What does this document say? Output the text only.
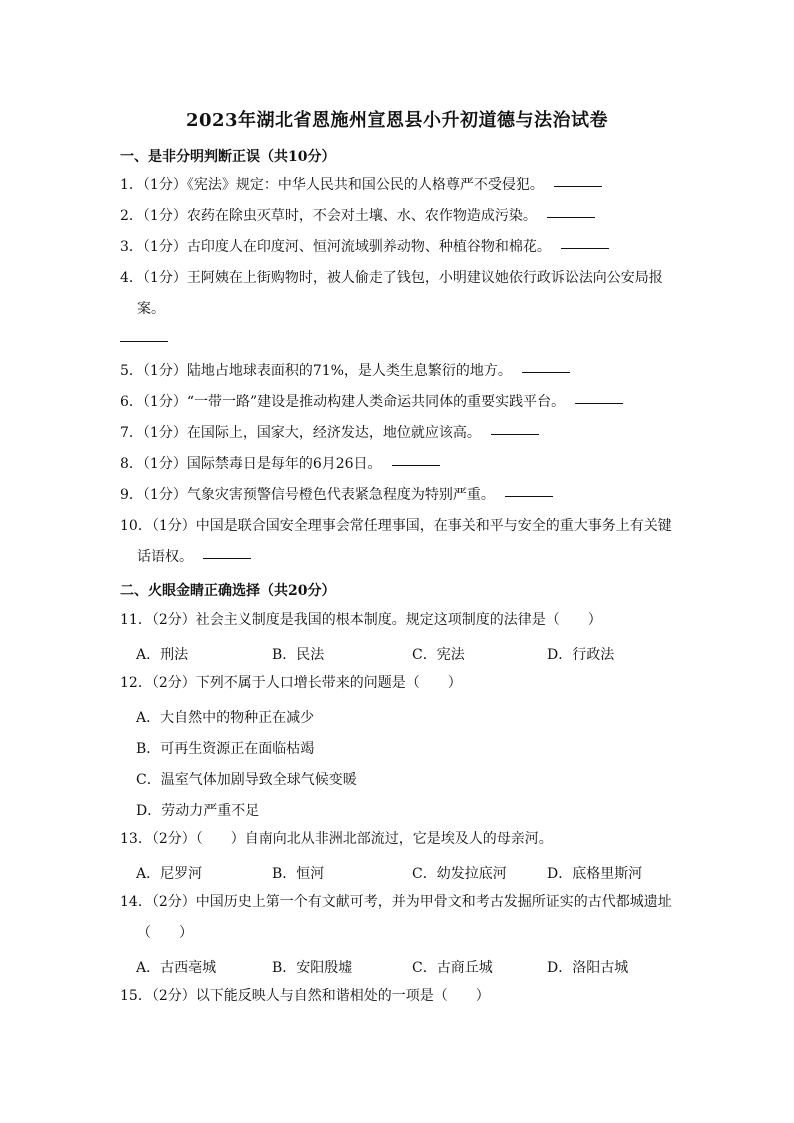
2023年湖北省恩施州宣恩县小升初道德与法治试卷
一、是非分明判断正误（共10分）
1．（1分）《宪法》规定：中华人民共和国公民的人格尊严不受侵犯。
2．（1分）农药在除虫灭草时，不会对土壤、水、农作物造成污染。
3．（1分）古印度人在印度河、恒河流域驯养动物、种植谷物和棉花。
4．（1分）王阿姨在上街购物时，被人偷走了钱包，小明建议她依行政诉讼法向公安局报
案。
5．（1分）陆地占地球表面积的71%，是人类生息繁衍的地方。
6．（1分）“一带一路”建设是推动构建人类命运共同体的重要实践平台。
7．（1分）在国际上，国家大，经济发达，地位就应该高。
8．（1分）国际禁毒日是每年的6月26日。
9．（1分）气象灾害预警信号橙色代表紧急程度为特别严重。
10．（1分）中国是联合国安全理事会常任理事国，在事关和平与安全的重大事务上有关键
话语权。
二、火眼金睛正确选择（共20分）
11．（2分）社会主义制度是我国的根本制度。规定这项制度的法律是（　　）
A．刑法	B．民法	C．宪法	D．行政法
12．（2分）下列不属于人口增长带来的问题是（　　）
A．大自然中的物种正在减少
B．可再生资源正在面临枯竭
C．温室气体加剧导致全球气候变暖
D．劳动力严重不足
13．（2分）（　　）自南向北从非洲北部流过，它是埃及人的母亲河。
A．尼罗河	B．恒河	C．幼发拉底河	D．底格里斯河
14．（2分）中国历史上第一个有文献可考，并为甲骨文和考古发掘所证实的古代都城遗址
（　　）
A．古西亳城	B．安阳殷墟	C．古商丘城	D．洛阳古城
15．（2分）以下能反映人与自然和谐相处的一项是（　　）
